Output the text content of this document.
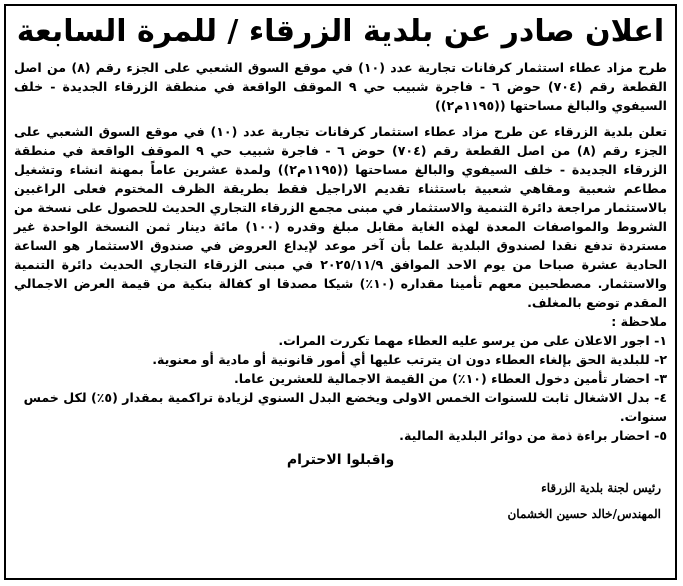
اعلان صادر عن بلدية الزرقاء / للمرة السابعة

طرح مزاد عطاء استثمار كرفانات تجارية عدد (١٠) في موقع السوق الشعبي على الجزء رقم (٨) من اصل القطعة رقم (٧٠٤) حوض ٦ - فاجرة شبيب حي ٩ الموقف الواقعة في منطقة الزرقاء الجديدة - خلف السيفوي والبالغ مساحتها ((١١٩٥م٢))

تعلن بلدية الزرقاء عن طرح مزاد عطاء استثمار كرفانات تجارية عدد (١٠) في موقع السوق الشعبي على الجزء رقم (٨) من اصل القطعة رقم (٧٠٤) حوض ٦ - فاجرة شبيب حي ٩ الموقف الواقعة في منطقة الزرقاء الجديدة - خلف السيفوي والبالغ مساحتها ((١١٩٥م٢)) ولمدة عشرين عاماً بمهنة انشاء وتشغيل مطاعم شعبية ومقاهي شعبية باستثناء تقديم الاراجيل فقط بطريقة الظرف المختوم فعلى الراغبين بالاستثمار مراجعة دائرة التنمية والاستثمار في مبنى مجمع الزرقاء التجاري الحديث للحصول على نسخة من الشروط والمواصفات المعدة لهذه الغاية مقابل مبلغ وقدره (١٠٠) مائة دينار ثمن النسخة الواحدة غير مستردة تدفع نقدا لصندوق البلدية علما بأن آخر موعد لإيداع العروض في صندوق الاستثمار هو الساعة الحادية عشرة صباحا من يوم الاحد الموافق ٢٠٢٥/١١/٩ في مبنى الزرقاء التجاري الحديث دائرة التنمية والاستثمار. مصطحبين معهم تأمينا مقداره (١٠٪) شيكا مصدقا او كفالة بنكية من قيمة العرض الاجمالي المقدم توضع بالمغلف.

ملاحظة :

١- اجور الاعلان على من يرسو عليه العطاء مهما تكررت المرات.
٢- للبلدية الحق بإلغاء العطاء دون ان يترتب عليها أي أمور قانونية أو مادية أو معنوية.
٣- احضار تأمين دخول العطاء (١٠٪) من القيمة الاجمالية للعشرين عاما.
٤- بدل الاشغال ثابت للسنوات الخمس الاولى ويخضع البدل السنوي لزيادة تراكمية بمقدار (٥٪) لكل خمس سنوات.
٥- احضار براءة ذمة من دوائر البلدية المالية.

واقبلوا الاحترام

رئيس لجنة بلدية الزرقاء

المهندس/خالد حسين الخشمان
